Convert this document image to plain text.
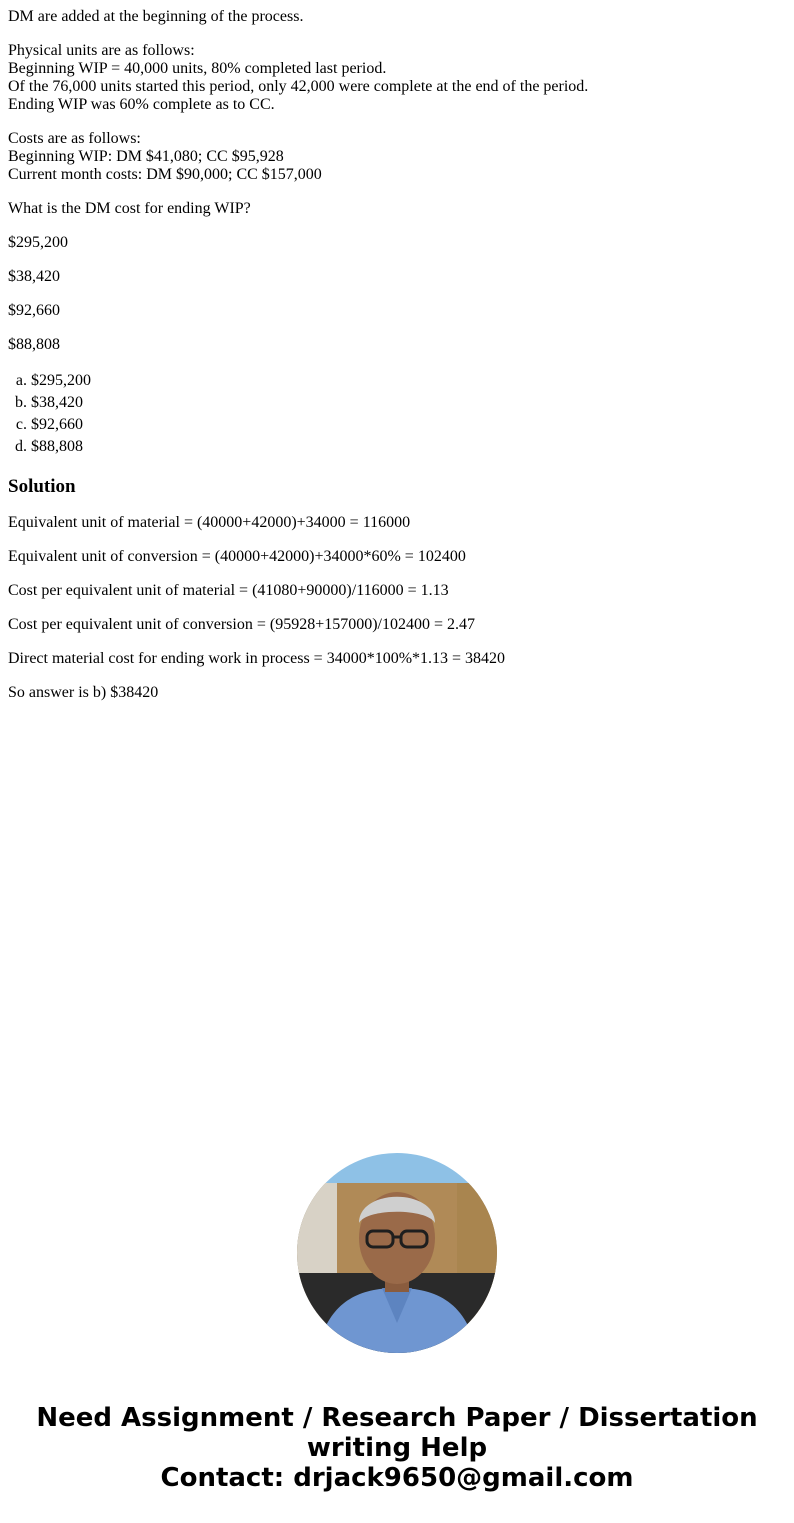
DM are added at the beginning of the process.

Physical units are as follows:
Beginning WIP = 40,000 units, 80% completed last period.
Of the 76,000 units started this period, only 42,000 were complete at the end of the period.
Ending WIP was 60% complete as to CC.

Costs are as follows:
Beginning WIP: DM $41,080; CC $95,928
Current month costs: DM $90,000; CC $157,000

What is the DM cost for ending WIP?

$295,200

$38,420

$92,660

$88,808

a. $295,200
b. $38,420
c. $92,660
d. $88,808
Solution

Equivalent unit of material = (40000+42000)+34000 = 116000

Equivalent unit of conversion = (40000+42000)+34000*60% = 102400

Cost per equivalent unit of material = (41080+90000)/116000 = 1.13

Cost per equivalent unit of conversion = (95928+157000)/102400 = 2.47

Direct material cost for ending work in process = 34000*100%*1.13 = 38420

So answer is b) $38420

Need Assignment / Research Paper / Dissertation
writing Help
Contact: drjack9650@gmail.com
